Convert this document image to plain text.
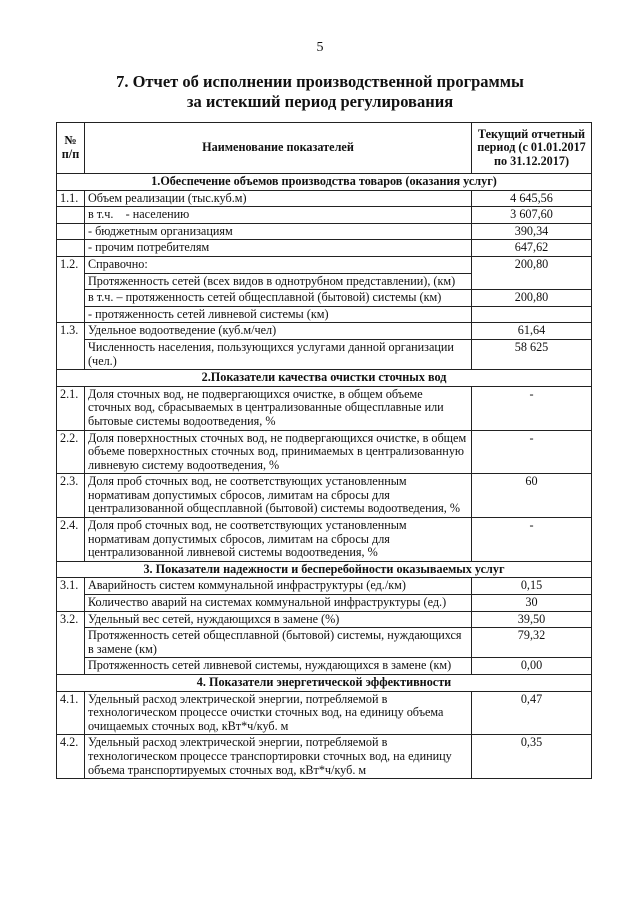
5
7. Отчет об исполнении производственной программы
за истекший период регулирования
№ п/п	Наименование показателей	Текущий отчетный период (с 01.01.2017 по 31.12.2017)
1.Обеспечение объемов производства товаров (оказания услуг)		
1.1.	Объем реализации (тыс.куб.м)	4 645,56
	в т.ч.    - населению	3 607,60
	- бюджетным организациям	390,34
	- прочим потребителям	647,62
1.2.	Справочно:	200,80
	Протяженность сетей (всех видов в однотрубном представлении), (км)	
	в т.ч. – протяженность сетей общесплавной (бытовой) системы (км)	200,80
	- протяженность сетей ливневой системы (км)	
1.3.	Удельное водоотведение (куб.м/чел)	61,64
	Численность населения, пользующихся услугами данной организации (чел.)	58 625
2.Показатели качества очистки сточных вод		
2.1.	Доля сточных вод, не подвергающихся очистке, в общем объеме сточных вод, сбрасываемых в централизованные общесплавные или бытовые системы водоотведения, %	-
2.2.	Доля поверхностных сточных вод, не подвергающихся очистке, в общем объеме поверхностных сточных вод, принимаемых в централизованную ливневую систему водоотведения, %	-
2.3.	Доля проб сточных вод, не соответствующих установленным нормативам допустимых сбросов, лимитам на сбросы для централизованной общесплавной (бытовой) системы водоотведения, %	60
2.4.	Доля проб сточных вод, не соответствующих установленным нормативам допустимых сбросов, лимитам на сбросы для централизованной ливневой системы водоотведения, %	-
3. Показатели надежности и бесперебойности оказываемых услуг		
3.1.	Аварийность систем коммунальной инфраструктуры (ед./км)	0,15
	Количество аварий на системах коммунальной инфраструктуры (ед.)	30
3.2.	Удельный вес сетей, нуждающихся в замене (%)	39,50
	Протяженность сетей общесплавной (бытовой) системы, нуждающихся в замене (км)	79,32
	Протяженность сетей ливневой системы, нуждающихся в замене (км)	0,00
4. Показатели энергетической эффективности		
4.1.	Удельный расход электрической энергии, потребляемой в технологическом процессе очистки сточных вод, на единицу объема очищаемых сточных вод, кВт*ч/куб. м	0,47
4.2.	Удельный расход электрической энергии, потребляемой в технологическом процессе транспортировки сточных вод, на единицу объема транспортируемых сточных вод, кВт*ч/куб. м	0,35
